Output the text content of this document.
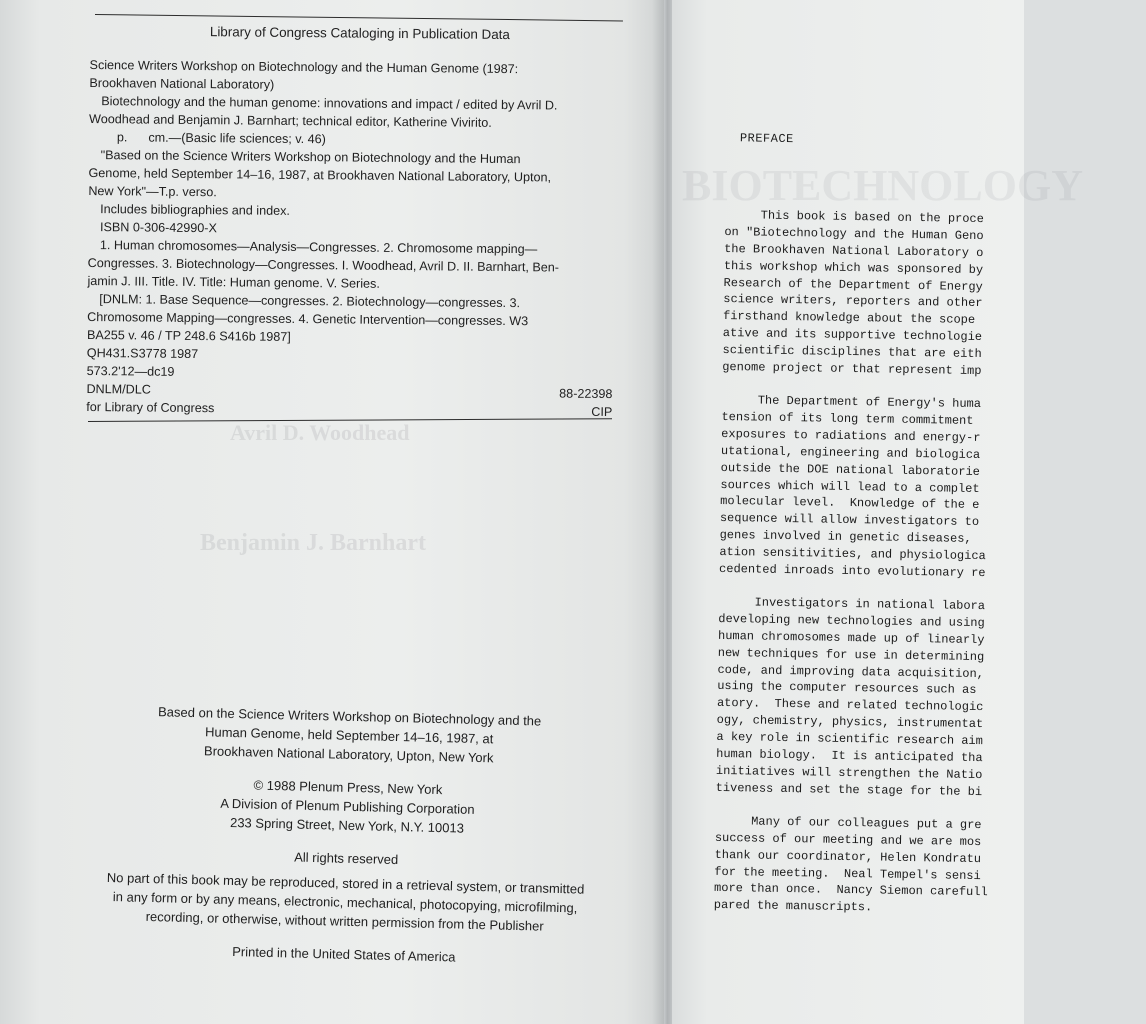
Avril D. Woodhead
Benjamin J. Barnhart
Library of Congress Cataloging in Publication Data
Science Writers Workshop on Biotechnology and the Human Genome (1987:
Brookhaven National Laboratory)
Biotechnology and the human genome: innovations and impact / edited by Avril D.
Woodhead and Benjamin J. Barnhart; technical editor, Katherine Vivirito.
p.      cm.—(Basic life sciences; v. 46)
"Based on the Science Writers Workshop on Biotechnology and the Human
Genome, held September 14–16, 1987, at Brookhaven National Laboratory, Upton,
New York"—T.p. verso.
Includes bibliographies and index.
ISBN 0-306-42990-X
1. Human chromosomes—Analysis—Congresses. 2. Chromosome mapping—
Congresses. 3. Biotechnology—Congresses. I. Woodhead, Avril D. II. Barnhart, Ben-
jamin J. III. Title. IV. Title: Human genome. V. Series.
[DNLM: 1. Base Sequence—congresses. 2. Biotechnology—congresses. 3.
Chromosome Mapping—congresses. 4. Genetic Intervention—congresses. W3
BA255 v. 46 / TP 248.6 S416b 1987]
QH431.S3778 1987
573.2'12—dc19
DNLM/DLC	88-22398
for Library of Congress	CIP
Based on the Science Writers Workshop on Biotechnology and the
Human Genome, held September 14–16, 1987, at
Brookhaven National Laboratory, Upton, New York
© 1988 Plenum Press, New York
A Division of Plenum Publishing Corporation
233 Spring Street, New York, N.Y. 10013
All rights reserved
No part of this book may be reproduced, stored in a retrieval system, or transmitted
in any form or by any means, electronic, mechanical, photocopying, microfilming,
recording, or otherwise, without written permission from the Publisher
Printed in the United States of America
BIOTECHNOLOGY
PREFACE
This book is based on the proce
on "Biotechnology and the Human Geno
the Brookhaven National Laboratory o
this workshop which was sponsored by
Research of the Department of Energy
science writers, reporters and other
firsthand knowledge about the scope
ative and its supportive technologie
scientific disciplines that are eith
genome project or that represent imp
The Department of Energy's huma
tension of its long term commitment
exposures to radiations and energy-r
utational, engineering and biologica
outside the DOE national laboratorie
sources which will lead to a complet
molecular level.  Knowledge of the e
sequence will allow investigators to
genes involved in genetic diseases,
ation sensitivities, and physiologica
cedented inroads into evolutionary re
Investigators in national labora
developing new technologies and using
human chromosomes made up of linearly
new techniques for use in determining
code, and improving data acquisition,
using the computer resources such as
atory.  These and related technologic
ogy, chemistry, physics, instrumentat
a key role in scientific research aim
human biology.  It is anticipated tha
initiatives will strengthen the Natio
tiveness and set the stage for the bi
Many of our colleagues put a gre
success of our meeting and we are mos
thank our coordinator, Helen Kondratu
for the meeting.  Neal Tempel's sensi
more than once.  Nancy Siemon carefull
pared the manuscripts.
